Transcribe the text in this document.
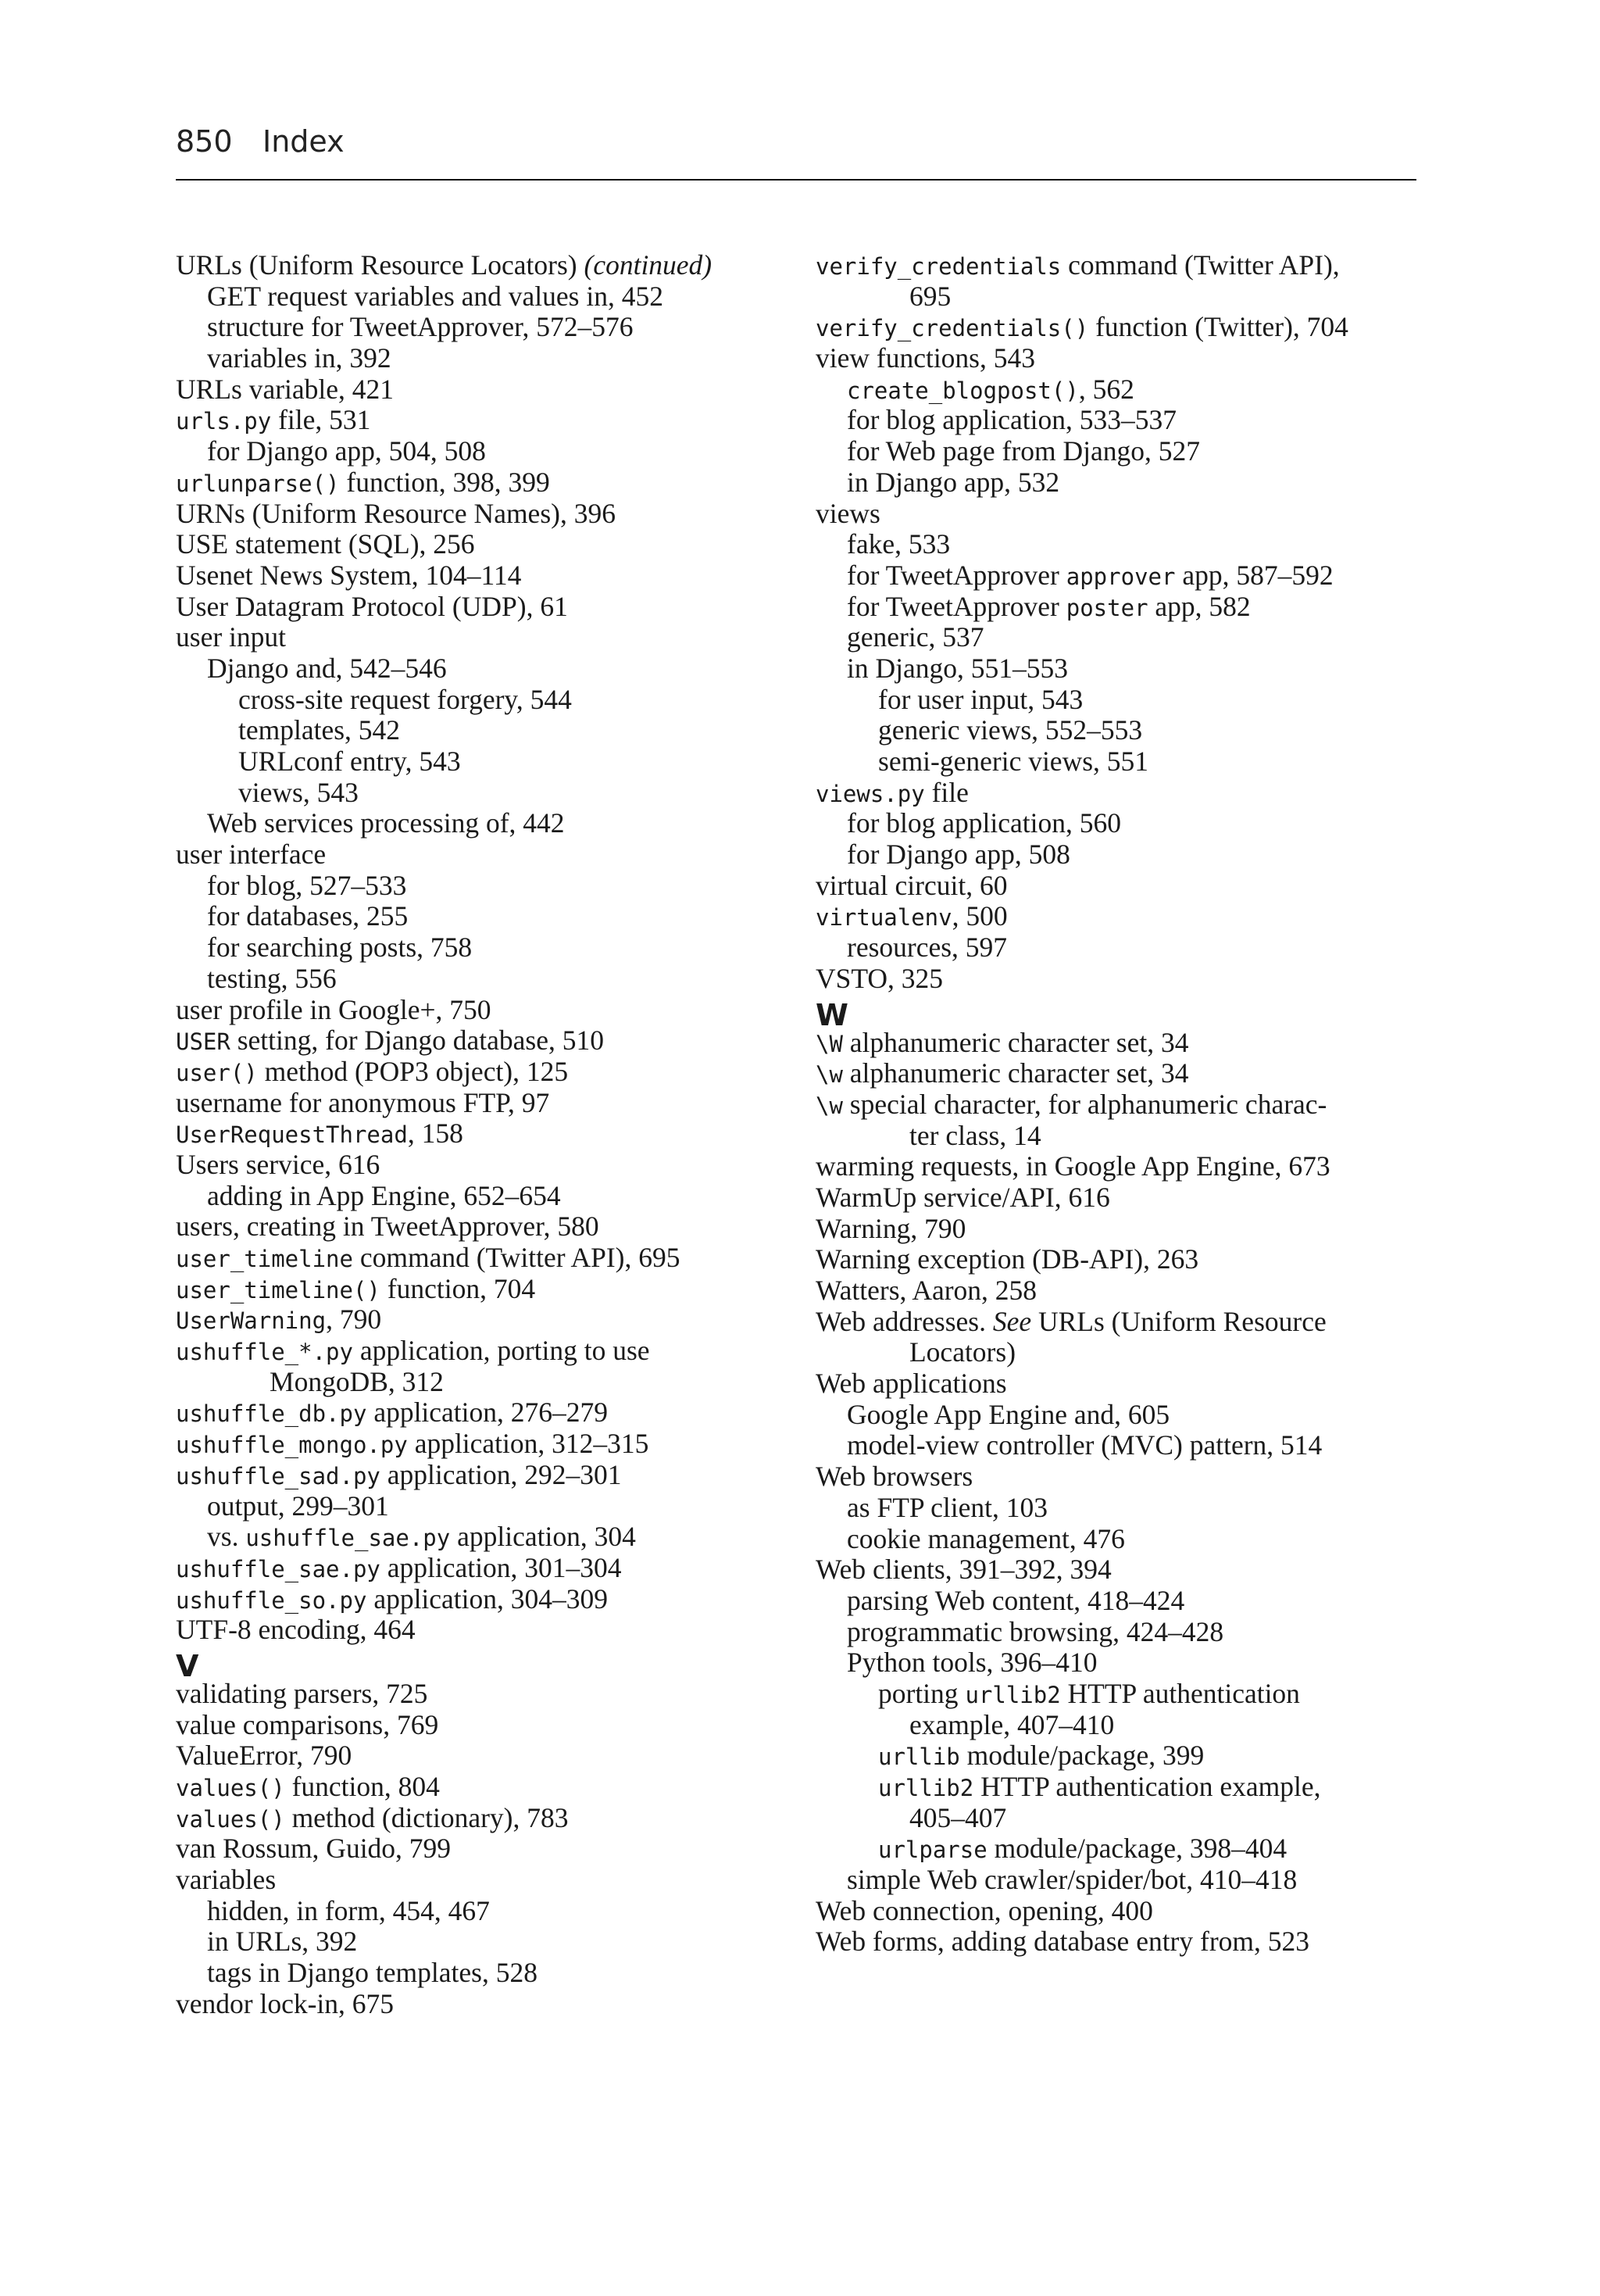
850 Index
URLs (Uniform Resource Locators) (continued)
GET request variables and values in, 452
structure for TweetApprover, 572–576
variables in, 392
URLs variable, 421
urls.py file, 531
for Django app, 504, 508
urlunparse() function, 398, 399
URNs (Uniform Resource Names), 396
USE statement (SQL), 256
Usenet News System, 104–114
User Datagram Protocol (UDP), 61
user input
Django and, 542–546
cross-site request forgery, 544
templates, 542
URLconf entry, 543
views, 543
Web services processing of, 442
user interface
for blog, 527–533
for databases, 255
for searching posts, 758
testing, 556
user profile in Google+, 750
USER setting, for Django database, 510
user() method (POP3 object), 125
username for anonymous FTP, 97
UserRequestThread, 158
Users service, 616
adding in App Engine, 652–654
users, creating in TweetApprover, 580
user_timeline command (Twitter API), 695
user_timeline() function, 704
UserWarning, 790
ushuffle_*.py application, porting to use
MongoDB, 312
ushuffle_db.py application, 276–279
ushuffle_mongo.py application, 312–315
ushuffle_sad.py application, 292–301
output, 299–301
vs. ushuffle_sae.py application, 304
ushuffle_sae.py application, 301–304
ushuffle_so.py application, 304–309
UTF-8 encoding, 464
V
validating parsers, 725
value comparisons, 769
ValueError, 790
values() function, 804
values() method (dictionary), 783
van Rossum, Guido, 799
variables
hidden, in form, 454, 467
in URLs, 392
tags in Django templates, 528
vendor lock-in, 675
verify_credentials command (Twitter API),
695
verify_credentials() function (Twitter), 704
view functions, 543
create_blogpost(), 562
for blog application, 533–537
for Web page from Django, 527
in Django app, 532
views
fake, 533
for TweetApprover approver app, 587–592
for TweetApprover poster app, 582
generic, 537
in Django, 551–553
for user input, 543
generic views, 552–553
semi-generic views, 551
views.py file
for blog application, 560
for Django app, 508
virtual circuit, 60
virtualenv, 500
resources, 597
VSTO, 325
W
\W alphanumeric character set, 34
\w alphanumeric character set, 34
\w special character, for alphanumeric charac-
ter class, 14
warming requests, in Google App Engine, 673
WarmUp service/API, 616
Warning, 790
Warning exception (DB-API), 263
Watters, Aaron, 258
Web addresses. See URLs (Uniform Resource
Locators)
Web applications
Google App Engine and, 605
model-view controller (MVC) pattern, 514
Web browsers
as FTP client, 103
cookie management, 476
Web clients, 391–392, 394
parsing Web content, 418–424
programmatic browsing, 424–428
Python tools, 396–410
porting urllib2 HTTP authentication
example, 407–410
urllib module/package, 399
urllib2 HTTP authentication example,
405–407
urlparse module/package, 398–404
simple Web crawler/spider/bot, 410–418
Web connection, opening, 400
Web forms, adding database entry from, 523
